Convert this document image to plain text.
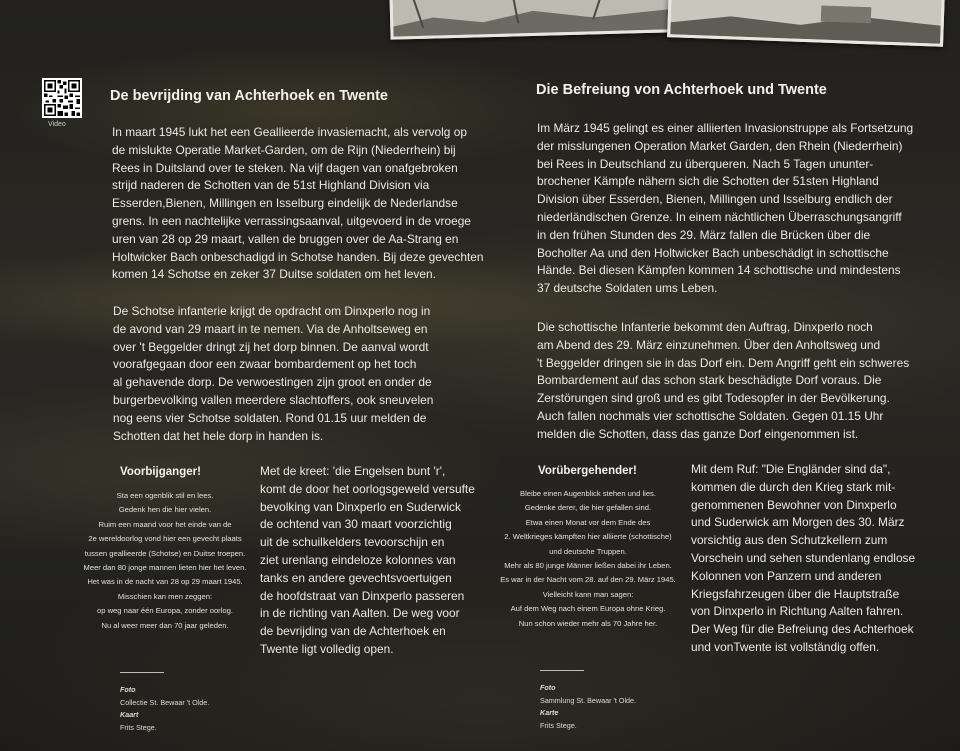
Video
De bevrijding van Achterhoek en Twente

In maart 1945 lukt het een Geallieerde invasiemacht, als vervolg op
de mislukte Operatie Market-Garden, om de Rijn (Niederrhein) bij
Rees in Duitsland over te steken. Na vijf dagen van onafgebroken
strijd naderen de Schotten van de 51st Highland Division via
Esserden,Bienen, Millingen en Isselburg eindelijk de Nederlandse
grens. In een nachtelijke verrassingsaanval, uitgevoerd in de vroege
uren van 28 op 29 maart, vallen de bruggen over de Aa-Strang en
Holtwicker Bach onbeschadigd in Schotse handen. Bij deze gevechten
komen 14 Schotse en zeker 37 Duitse soldaten om het leven.

De Schotse infanterie krijgt de opdracht om Dinxperlo nog in
de avond van 29 maart in te nemen. Via de Anholtseweg en
over 't Beggelder dringt zij het dorp binnen. De aanval wordt
voorafgegaan door een zwaar bombardement op het toch
al gehavende dorp. De verwoestingen zijn groot en onder de
burgerbevolking vallen meerdere slachtoffers, ook sneuvelen
nog eens vier Schotse soldaten. Rond 01.15 uur melden de
Schotten dat het hele dorp in handen is.

Voorbijganger!

Sta een ogenblik stil en lees.
Gedenk hen die hier vielen.
Ruim een maand voor het einde van de
2e wereldoorlog vond hier een gevecht plaats
tussen geallieerde (Schotse) en Duitse troepen.
Meer dan 80 jonge mannen lieten hier het leven.
Het was in de nacht van 28 op 29 maart 1945.
Misschien kan men zeggen:
op weg naar één Europa, zonder oorlog.
Nu al weer meer dan 70 jaar geleden.

Met de kreet: 'die Engelsen bunt 'r',
komt de door het oorlogsgeweld versufte
bevolking van Dinxperlo en Suderwick
de ochtend van 30 maart voorzichtig
uit de schuilkelders tevoorschijn en
ziet urenlang eindeloze kolonnes van
tanks en andere gevechtsvoertuigen
de hoofdstraat van Dinxperlo passeren
in de richting van Aalten. De weg voor
de bevrijding van de Achterhoek en
Twente ligt volledig open.

Foto
Collectie St. Bewaar 't Olde.
Kaart
Frits Stege.

Die Befreiung von Achterhoek und Twente

Im März 1945 gelingt es einer alliierten Invasionstruppe als Fortsetzung
der misslungenen Operation Market Garden, den Rhein (Niederrhein)
bei Rees in Deutschland zu überqueren. Nach 5 Tagen ununter-
brochener Kämpfe nähern sich die Schotten der 51sten Highland
Division über Esserden, Bienen, Millingen und Isselburg endlich der
niederländischen Grenze. In einem nächtlichen Überraschungsangriff
in den frühen Stunden des 29. März fallen die Brücken über die
Bocholter Aa und den Holtwicker Bach unbeschädigt in schottische
Hände. Bei diesen Kämpfen kommen 14 schottische und mindestens
37 deutsche Soldaten ums Leben.

Die schottische Infanterie bekommt den Auftrag, Dinxperlo noch
am Abend des 29. März einzunehmen. Über den Anholtsweg und
't Beggelder dringen sie in das Dorf ein. Dem Angriff geht ein schweres
Bombardement auf das schon stark beschädigte Dorf voraus. Die
Zerstörungen sind groß und es gibt Todesopfer in der Bevölkerung.
Auch fallen nochmals vier schottische Soldaten. Gegen 01.15 Uhr
melden die Schotten, dass das ganze Dorf eingenommen ist.

Vorübergehender!

Bleibe einen Augenblick stehen und lies.
Gedenke derer, die hier gefallen sind.
Etwa einen Monat vor dem Ende des
2. Weltkrieges kämpften hier alliierte (schottische)
und deutsche Truppen.
Mehr als 80 junge Männer ließen dabei ihr Leben.
Es war in der Nacht vom 28. auf den 29. März 1945.
Vielleicht kann man sagen:
Auf dem Weg nach einem Europa ohne Krieg.
Nun schon wieder mehr als 70 Jahre her.

Mit dem Ruf: "Die Engländer sind da",
kommen die durch den Krieg stark mit-
genommenen Bewohner von Dinxperlo
und Suderwick am Morgen des 30. März
vorsichtig aus den Schutzkellern zum
Vorschein und sehen stundenlang endlose
Kolonnen von Panzern und anderen
Kriegsfahrzeugen über die Hauptstraße
von Dinxperlo in Richtung Aalten fahren.
Der Weg für die Befreiung des Achterhoek
und vonTwente ist vollständig offen.

Foto
Sammlung St. Bewaar 't Olde.
Karte
Frits Stege.
